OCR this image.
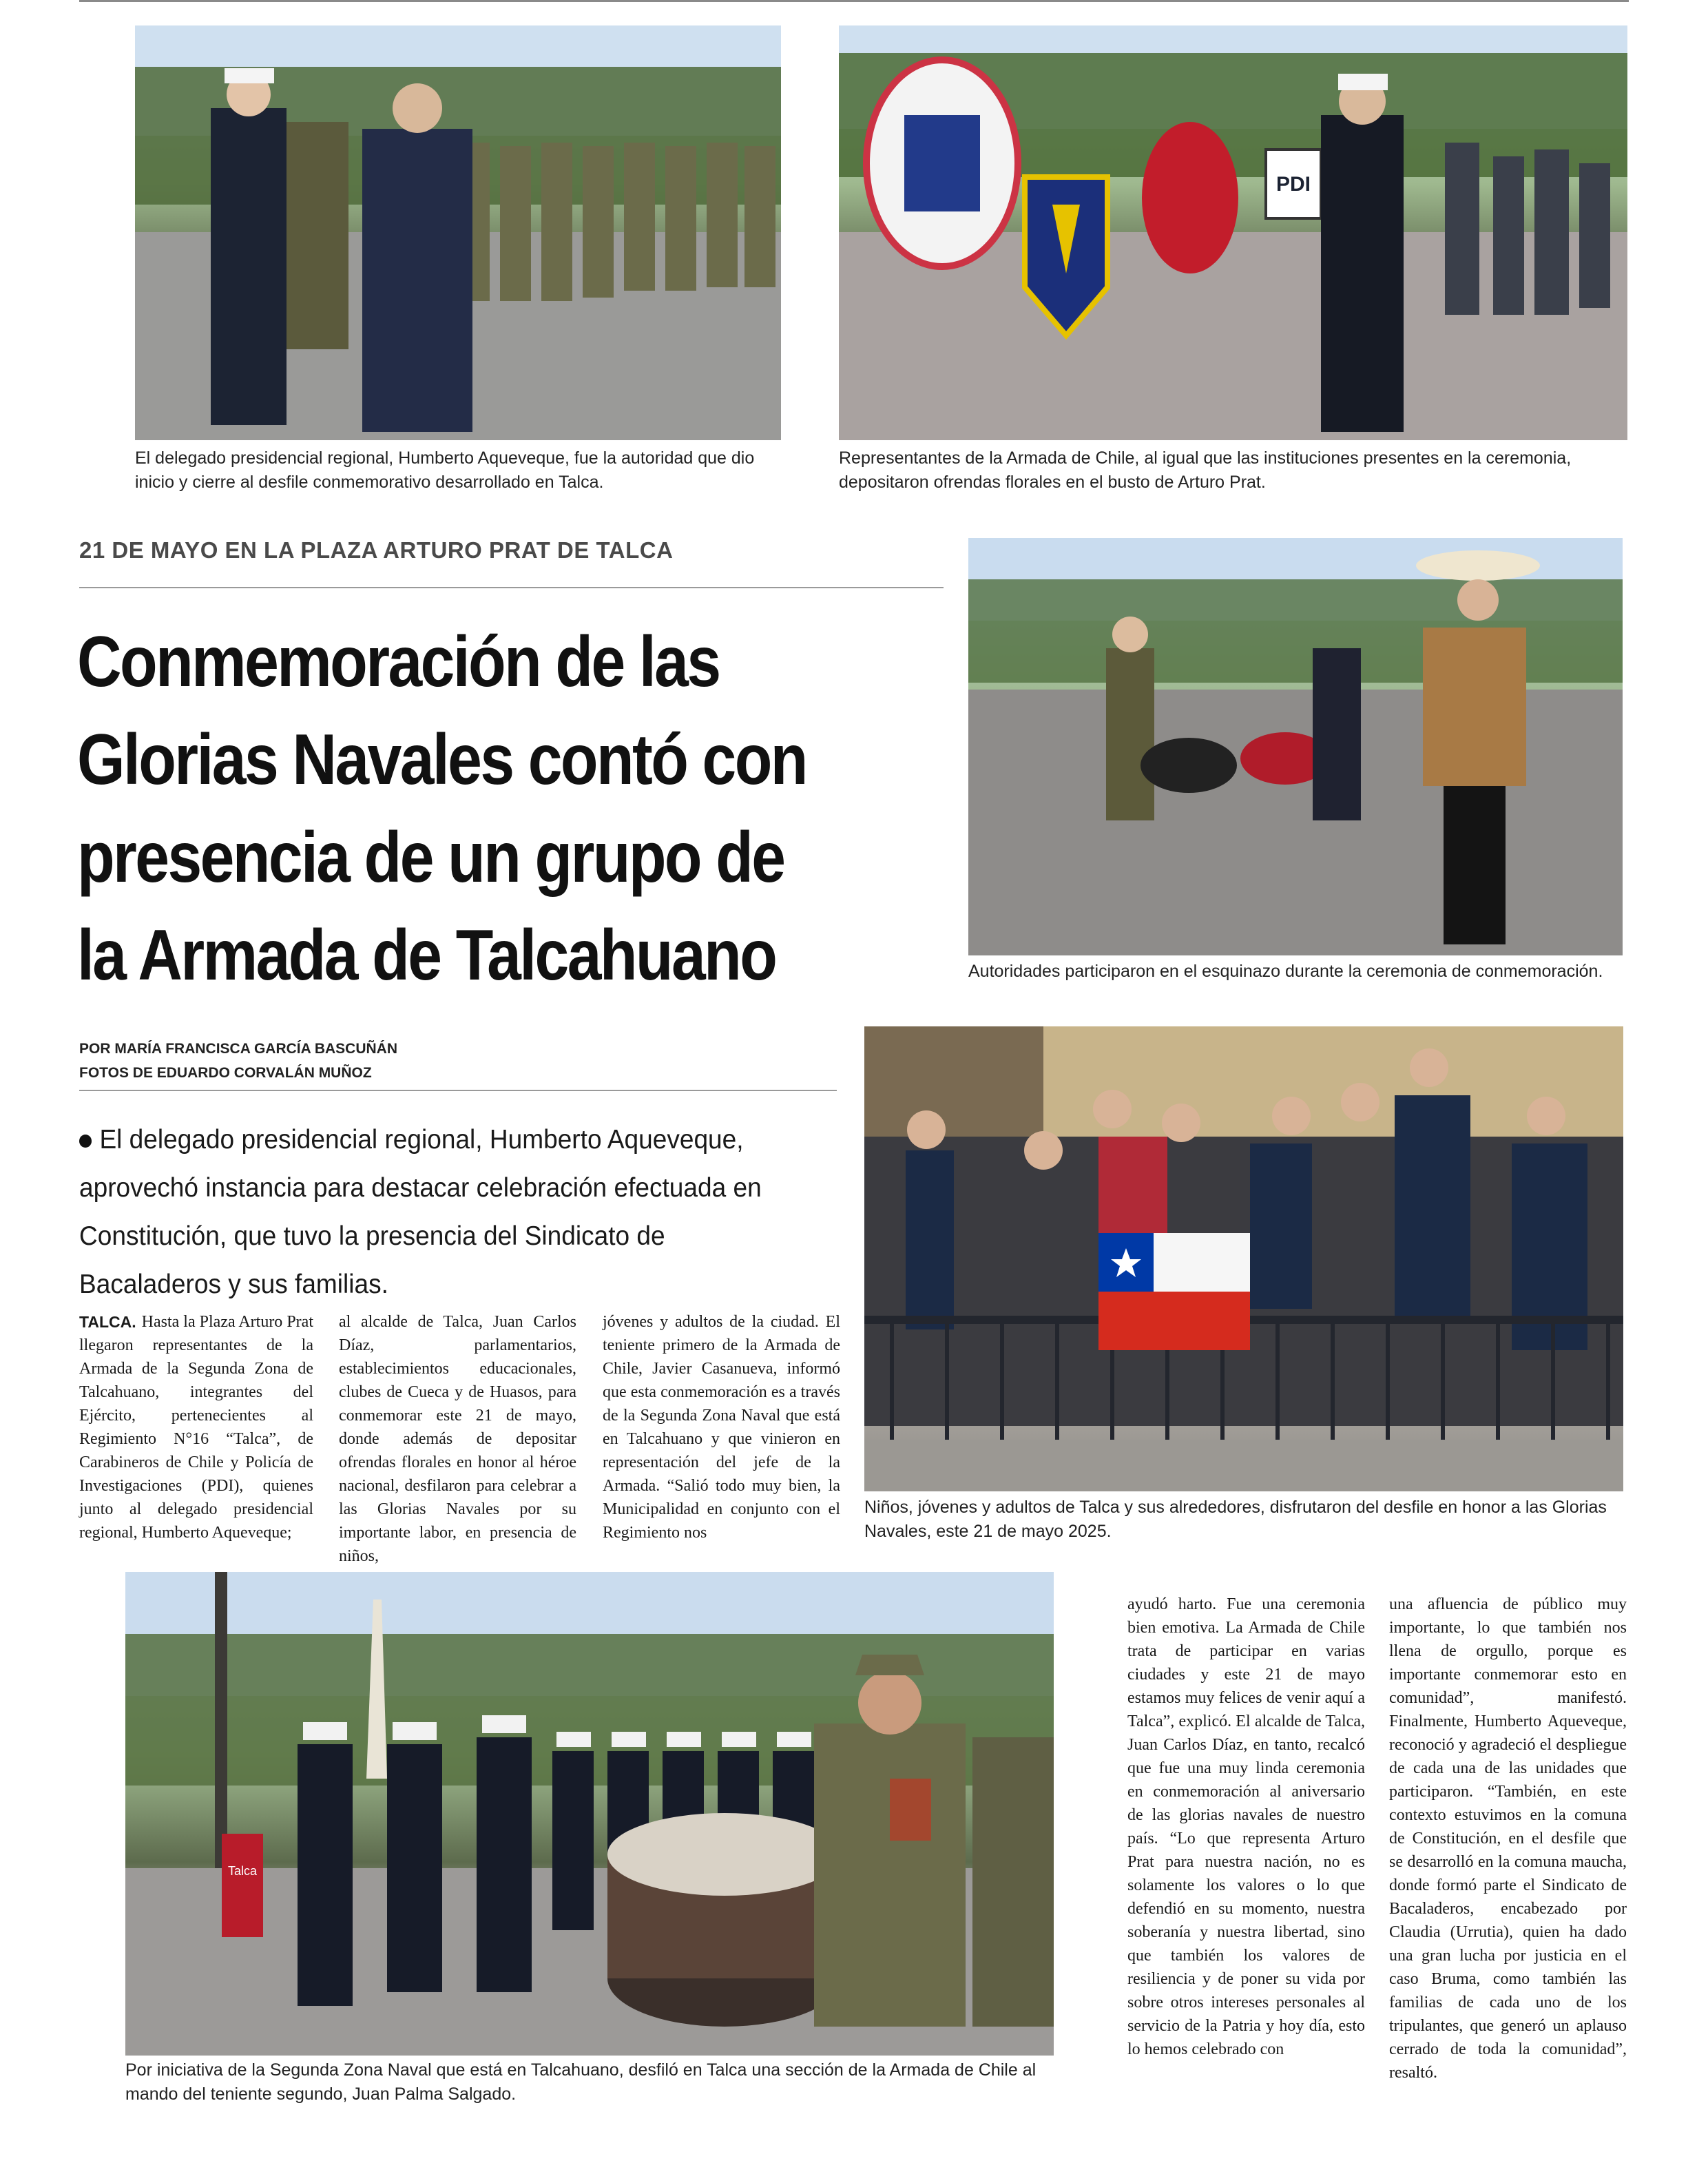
El delegado presidencial regional, Humberto Aqueveque, fue la autoridad que dio inicio y cierre al desfile conmemorativo desarrollado en Talca.

PDI

Representantes de la Armada de Chile, al igual que las instituciones presentes en la ceremonia, depositaron ofrendas florales en el busto de Arturo Prat.

21 DE MAYO EN LA PLAZA ARTURO PRAT DE TALCA
Conmemoración de las Glorias Navales contó con presencia de un grupo de la Armada de Talcahuano	Autoridades participaron en el esquinazo durante la ceremonia de conmemoración.

POR MARÍA FRANCISCA GARCÍA BASCUÑÁN
FOTOS DE EDUARDO CORVALÁN MUÑOZ

El delegado presidencial regional, Humberto Aqueveque, aprovechó instancia para destacar celebración efectuada en Constitución, que tuvo la presencia del Sindicato de Bacaladeros y sus familias.

Niños, jóvenes y adultos de Talca y sus alrededores, disfrutaron del desfile en honor a las Glorias Navales, este 21 de mayo 2025.

TALCA. Hasta la Plaza Arturo Prat llegaron representantes de la Armada de la Segunda Zona de Talcahuano, integrantes del Ejército, pertenecientes al Regimiento N°16 “Talca”, de Carabineros de Chile y Policía de Investigaciones (PDI), quienes junto al delegado presidencial regional, Humberto Aqueveque;
al alcalde de Talca, Juan Carlos Díaz, parlamentarios, establecimientos educacionales, clubes de Cueca y de Huasos, para conmemorar este 21 de mayo, donde además de depositar ofrendas florales en honor al héroe nacional, desfilaron para celebrar a las Glorias Navales por su importante labor, en presencia de niños,
jóvenes y adultos de la ciudad. El teniente primero de la Armada de Chile, Javier Casanueva, informó que esta conmemoración es a través de la Segunda Zona Naval que está en Talcahuano y que vinieron en representación del jefe de la Armada. “Salió todo muy bien, la Municipalidad en conjunto con el Regimiento nos
Talca

Por iniciativa de la Segunda Zona Naval que está en Talcahuano, desfiló en Talca una sección de la Armada de Chile al mando del teniente segundo, Juan Palma Salgado.

ayudó harto. Fue una ceremonia bien emotiva. La Armada de Chile trata de participar en varias ciudades y este 21 de mayo estamos muy felices de venir aquí a Talca”, explicó. El alcalde de Talca, Juan Carlos Díaz, en tanto, recalcó que fue una muy linda ceremonia en conmemoración al aniversario de las glorias navales de nuestro país. “Lo que representa Arturo Prat para nuestra nación, no es solamente los valores o lo que defendió en su momento, nuestra soberanía y nuestra libertad, sino que también los valores de resiliencia y de poner su vida por sobre otros intereses personales al servicio de la Patria y hoy día, esto lo hemos celebrado con
una afluencia de público muy importante, lo que también nos llena de orgullo, porque es importante conmemorar esto en comunidad”, manifestó. Finalmente, Humberto Aqueveque, reconoció y agradeció el despliegue de cada una de las unidades que participaron. “También, en este contexto estuvimos en la comuna de Constitución, en el desfile que se desarrolló en la comuna maucha, donde formó parte el Sindicato de Bacaladeros, encabezado por Claudia (Urrutia), quien ha dado una gran lucha por justicia en el caso Bruma, como también las familias de cada uno de los tripulantes, que generó un aplauso cerrado de toda la comunidad”, resaltó.
